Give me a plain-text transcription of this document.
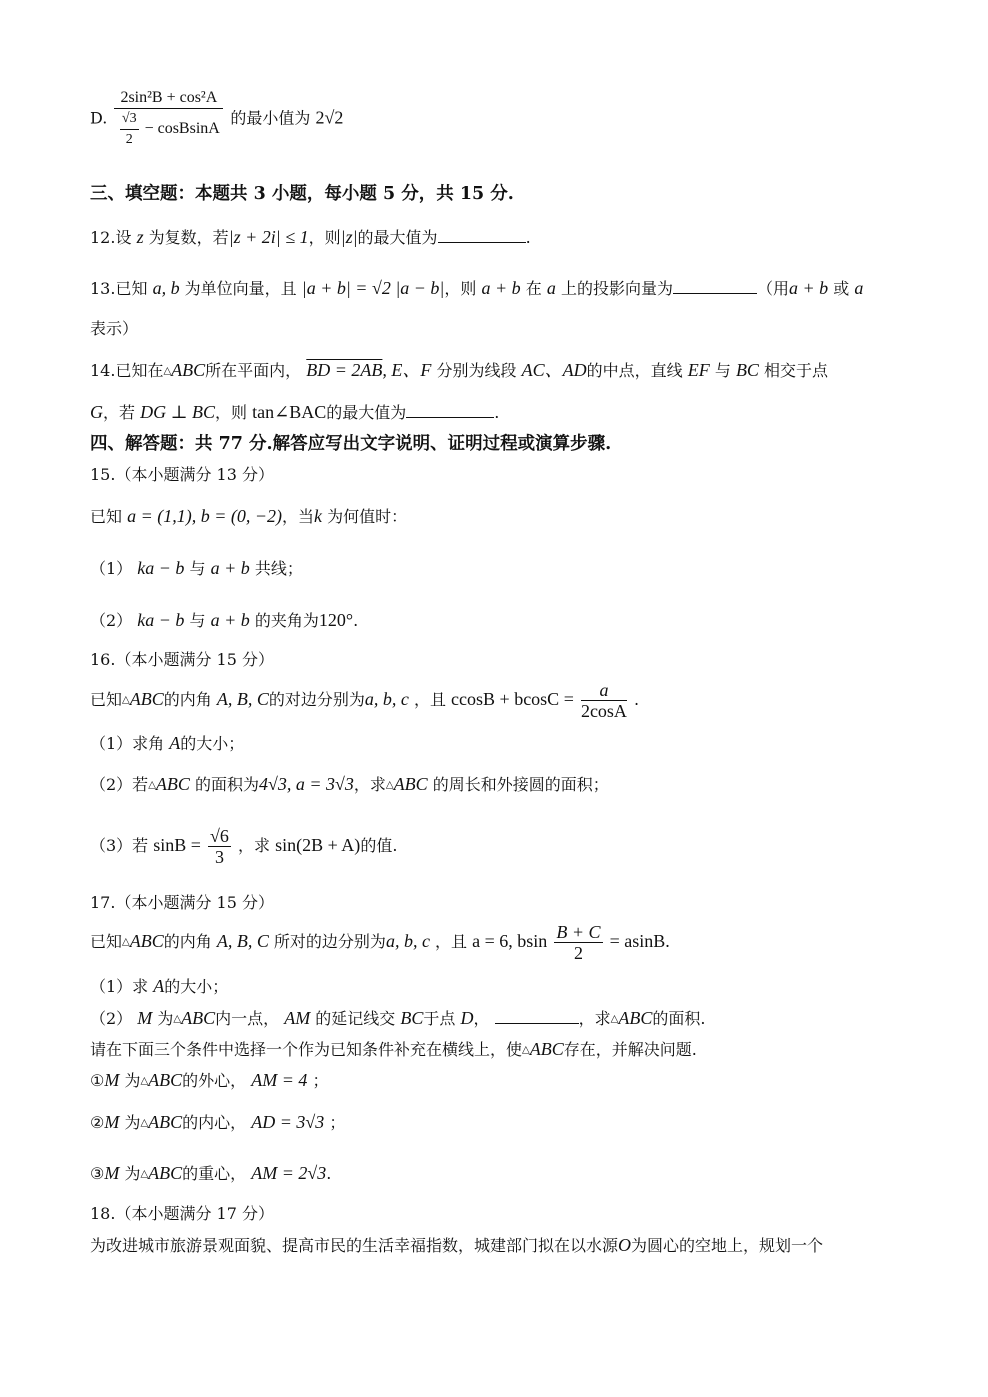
D. $\frac{\text{2sin²B + cos²A}}{\frac{√3}{2} - cosBsinA}$ 的最小值为 2√2
三、填空题：本题共 3 小题，每小题 5 分，共 15 分.
12.设 z 为复数，若|z + 2i| ≤ 1，则|z|的最大值为	.
13.已知 a, b 为单位向量，且 |a + b| = √2 |a − b|，则 a + b 在 a 上的投影向量为	（用a + b 或 a
表示）
14.已知在△ABC所在平面内， BD = 2AB, E、F 分别为线段 AC、AD的中点，直线 EF 与 BC 相交于点
G，若 DG ⊥ BC，则 tan∠BAC的最大值为	.
四、解答题：共 77 分.解答应写出文字说明、证明过程或演算步骤.
15.（本小题满分 13 分）
已知 a = (1,1), b = (0, −2)，当k 为何值时：
（1） ka − b 与 a + b 共线；
（2） ka − b 与 a + b 的夹角为120°.
16.（本小题满分 15 分）
已知△ABC的内角 A, B, C的对边分别为a, b, c ，且 $ccosB + bcosC = \frac{a}{2\cos A}$ .
（1）求角 A的大小；
（2）若△ABC 的面积为4√3, a = 3√3，求△ABC 的周长和外接圆的面积；
（3）若 $\sin B = \frac{√6}{3}$ ，求 sin(2B + A)的值.
17.（本小题满分 15 分）
已知△ABC的内角 A, B, C 所对的边分别为a, b, c ，且 a = 6, bsin $\frac{B + C}{2} = asinB$.
（1）求 A的大小；
（2） M 为△ABC内一点， AM 的延记线交 BC于点 D，	，求△ABC的面积.
请在下面三个条件中选择一个作为已知条件补充在横线上，使△ABC存在，并解决问题.
①M 为△ABC的外心， AM = 4 ；
②M 为△ABC的内心， AD = 3√3 ；
③M 为△ABC的重心， AM = 2√3.
18.（本小题满分 17 分）
为改进城市旅游景观面貌、提高市民的生活幸福指数，城建部门拟在以水源O为圆心的空地上，规划一个
